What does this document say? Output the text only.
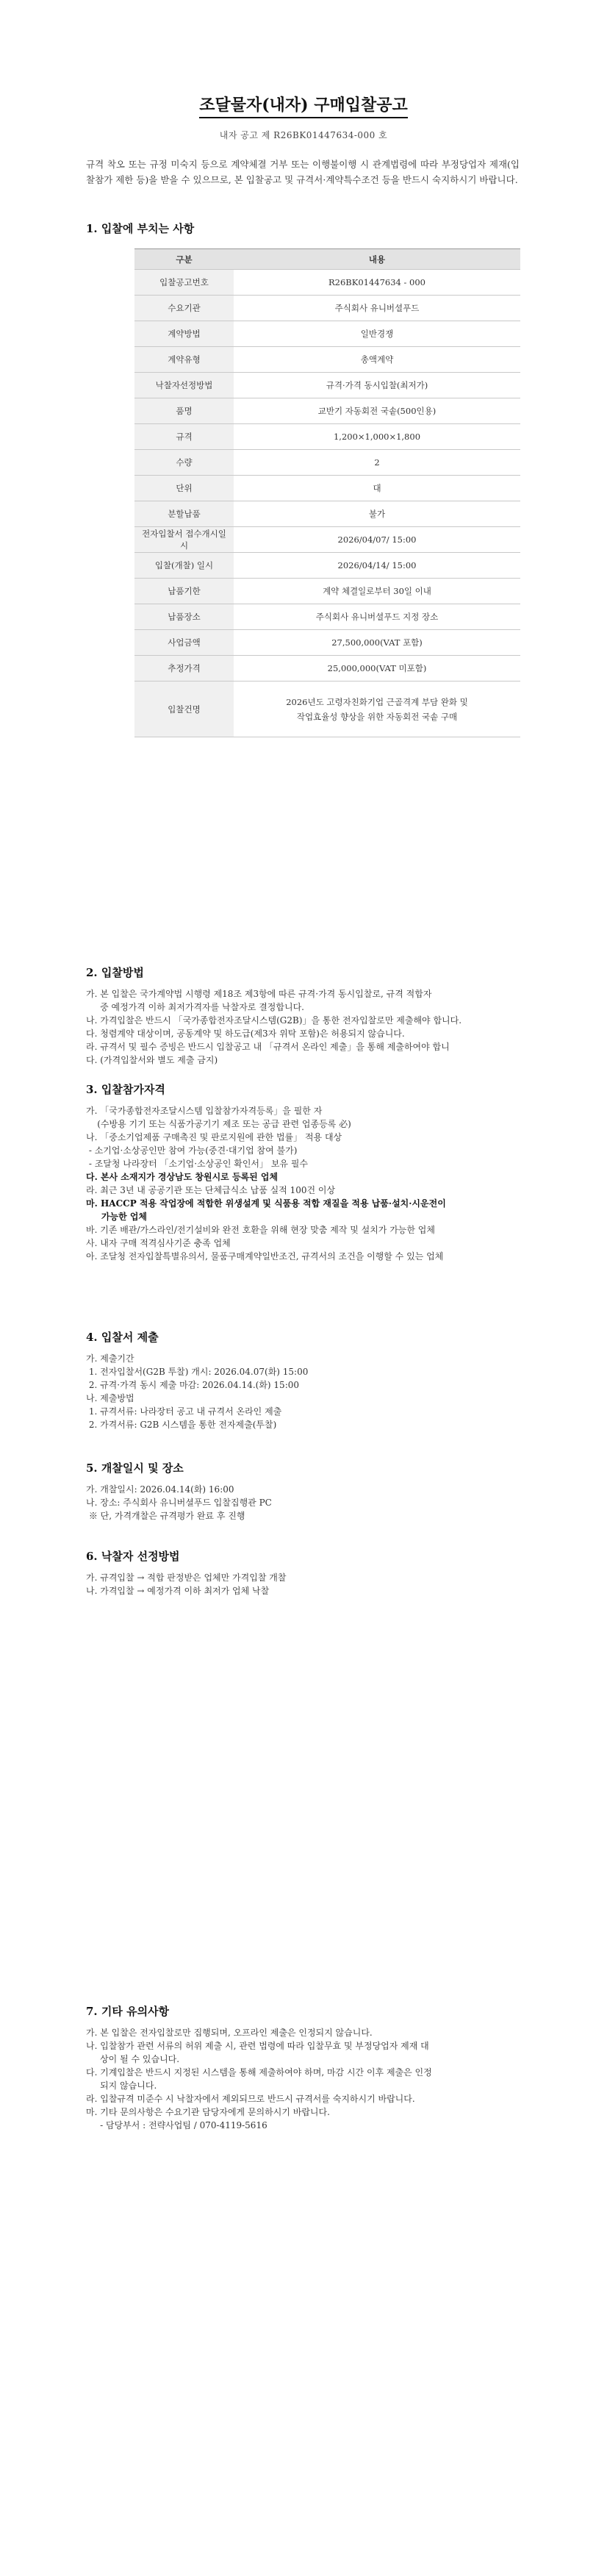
조달물자(내자) 구매입찰공고
내자 공고 제 R26BK01447634-000 호

규격 착오 또는 규정 미숙지 등으로 계약체결 거부 또는 이행불이행 시 관계법령에 따라 부정당업자 제재(입찰참가 제한 등)을 받을 수 있으므로, 본 입찰공고 및 규격서·계약특수조건 등을 반드시 숙지하시기 바랍니다.

1. 입찰에 부치는 사항
구분	내용
입찰공고번호	R26BK01447634 - 000
수요기관	주식회사 유니버셜푸드
계약방법	일반경쟁
계약유형	총액계약
낙찰자선정방법	규격·가격 동시입찰(최저가)
품명	교반기 자동회전 국솥(500인용)
규격	1,200×1,000×1,800
수량	2
단위	대
분할납품	불가
전자입찰서 접수개시일시	2026/04/07/ 15:00
입찰(개찰) 일시	2026/04/14/ 15:00
납품기한	계약 체결일로부터 30일 이내
납품장소	주식회사 유니버셜푸드 지정 장소
사업금액	27,500,000(VAT 포함)
추정가격	25,000,000(VAT 미포함)
입찰건명	2026년도 고령자친화기업 근골격계 부담 완화 및
작업효율성 향상을 위한 자동회전 국솥 구매
2. 입찰방법
가. 본 입찰은 국가계약법 시행령 제18조 제3항에 따른 규격·가격 동시입찰로, 규격 적합자
중 예정가격 이하 최저가격자를 낙찰자로 결정합니다.
나. 가격입찰은 반드시 「국가종합전자조달시스템(G2B)」을 통한 전자입찰로만 제출해야 합니다.
다. 청렴계약 대상이며, 공동계약 및 하도급(제3자 위탁 포함)은 허용되지 않습니다.
라. 규격서 및 필수 증빙은 반드시 입찰공고 내 「규격서 온라인 제출」을 통해 제출하여야 합니
다. (가격입찰서와 별도 제출 금지)
3. 입찰참가자격
가. 「국가종합전자조달시스템 입찰참가자격등록」을 필한 자
(수방용 기기 또는 식품가공기기 제조 또는 공급 관련 업종등록 必)
나. 「중소기업제품 구매촉진 및 판로지원에 관한 법률」 적용 대상
- 소기업·소상공인만 참여 가능(중견·대기업 참여 불가)
- 조달청 나라장터 「소기업·소상공인 확인서」 보유 필수
다. 본사 소재지가 경상남도 창원시로 등록된 업체
라. 최근 3년 내 공공기관 또는 단체급식소 납품 실적 100건 이상
마. HACCP 적용 작업장에 적합한 위생설계 및 식품용 적합 재질을 적용 납품·설치·시운전이
가능한 업체
바. 기존 배관/가스라인/전기설비와 완전 호환을 위해 현장 맞춤 제작 및 설치가 가능한 업체
사. 내자 구매 적격심사기준 충족 업체
아. 조달청 전자입찰특별유의서, 물품구매계약일반조건, 규격서의 조건을 이행할 수 있는 업체
4. 입찰서 제출
가. 제출기간
1. 전자입찰서(G2B 투찰) 개시: 2026.04.07(화) 15:00
2. 규격·가격 동시 제출 마감: 2026.04.14.(화) 15:00
나. 제출방법
1. 규격서류: 나라장터 공고 내 규격서 온라인 제출
2. 가격서류: G2B 시스템을 통한 전자제출(투찰)
5. 개찰일시 및 장소
가. 개찰일시: 2026.04.14(화) 16:00
나. 장소: 주식회사 유니버셜푸드 입찰집행관 PC
※ 단, 가격개찰은 규격평가 완료 후 진행
6. 낙찰자 선정방법
가. 규격입찰 → 적합 판정받은 업체만 가격입찰 개찰
나. 가격입찰 → 예정가격 이하 최저가 업체 낙찰
7. 기타 유의사항
가. 본 입찰은 전자입찰로만 집행되며, 오프라인 제출은 인정되지 않습니다.
나. 입찰참가 관련 서류의 허위 제출 시, 관련 법령에 따라 입찰무효 및 부정당업자 제재 대
상이 될 수 있습니다.
다. 기계입찰은 반드시 지정된 시스템을 통해 제출하여야 하며, 마감 시간 이후 제출은 인정
되지 않습니다.
라. 입찰규격 미준수 시 낙찰자에서 제외되므로 반드시 규격서를 숙지하시기 바랍니다.
마. 기타 문의사항은 수요기관 담당자에게 문의하시기 바랍니다.
- 담당부서 : 전략사업팀 / 070-4119-5616
